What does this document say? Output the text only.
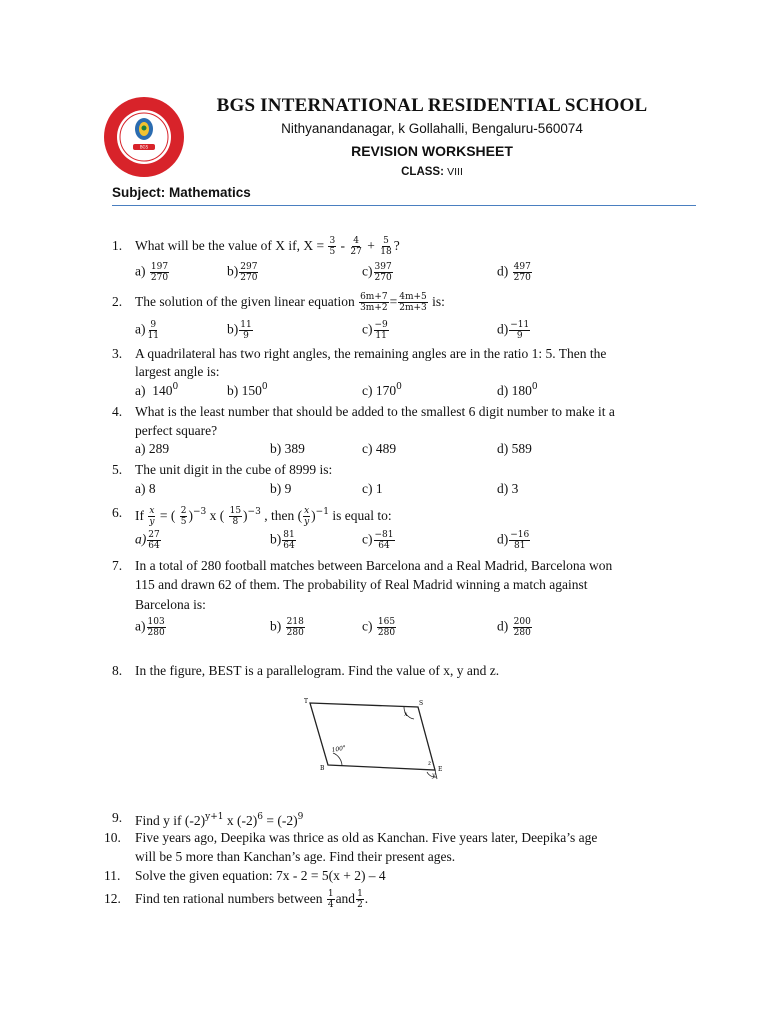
BGS
BGS INTERNATIONAL RESIDENTIAL SCHOOL
Nithyanandanagar, k Gollahalli, Bengaluru-560074
REVISION WORKSHEET
CLASS: VIII
Subject: Mathematics
1. What will be the value of X if, $X = \frac{3}{5} - \frac{4}{27} + \frac{5}{18}$ ?
$a) \frac{197}{270}$	$b) \frac{297}{270}$	$c) \frac{397}{270}$	$d) \frac{497}{270}$
2. The solution of the given linear equation $\frac{6m+7}{3m+2} = \frac{4m+5}{2m+3}$ is:
$a) \frac{9}{11}$	$b) \frac{11}{9}$	$c) \frac{-9}{11}$	$d) \frac{-11}{9}$
3. A quadrilateral has two right angles, the remaining angles are in the ratio 1: 5. Then the
largest angle is:
a) $140^0$	b) $150^0$	c) $170^0$	d) $180^0$
4. What is the least number that should be added to the smallest 6 digit number to make it a
perfect square?
a) 289	b) 389	c) 489	d) 589
5. The unit digit in the cube of 8999 is:
a) 8	b) 9	c) 1	d) 3
6. If $\frac{x}{y}$ = ( $\frac{2}{5} )^{-3}$ x ( $\frac{15}{8} )^{-3}$ , then ( $\frac{x}{y} )^{-1}$ is equal to:
$a) \frac{27}{64}$	$b) \frac{81}{64}$	$c) \frac{-81}{64}$	$d) \frac{-16}{81}$
7. In a total of 280 football matches between Barcelona and a Real Madrid, Barcelona won
115 and drawn 62 of them. The probability of Real Madrid winning a match against
Barcelona is:
$a) \frac{103}{280}$	$b) \frac{218}{280}$	$c) \frac{165}{280}$	$d) \frac{200}{280}$
8. In the figure, BEST is a parallelogram. Find the value of x, y and z.
T	S
B	E
x
z
y
100°
9. Find y if $(-2)^{y+1}$ x $(-2)^6 = (-2)^9$
10.	Five years ago, Deepika was thrice as old as Kanchan. Five years later, Deepika’s age
will be 5 more than Kanchan’s age. Find their present ages.
11.	Solve the given equation: 7x - 2 = 5(x + 2) – 4
12.	Find ten rational numbers between $\frac{1}{4}$ and $\frac{1}{2}$ .
